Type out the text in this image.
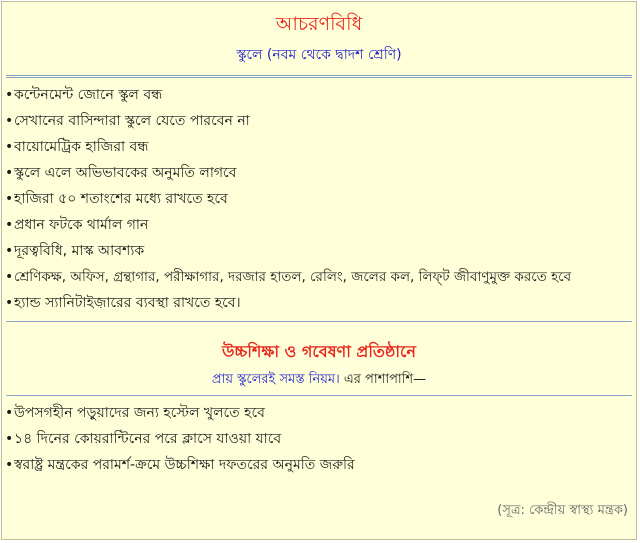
আচরণবিধি
স্কুলে (নবম থেকে দ্বাদশ শ্রেণি)
•কন্টেনমেন্ট জোনে স্কুল বন্ধ
•সেখানের বাসিন্দারা স্কুলে যেতে পারবেন না
•বায়োমেট্রিক হাজিরা বন্ধ
•স্কুলে এলে অভিভাবকের অনুমতি লাগবে
•হাজিরা ৫০ শতাংশের মধ্যে রাখতে হবে
•প্রধান ফটকে থার্মাল গান
•দূরত্ববিধি, মাস্ক আবশ্যক
•শ্রেণিকক্ষ, অফিস, গ্রন্থাগার, পরীক্ষাগার, দরজার হাতল, রেলিং, জলের কল, লিফ্‌ট জীবাণুমুক্ত করতে হবে
•হ্যান্ড স্যানিটাইজ়ারের ব্যবস্থা রাখতে হবে।
উচ্চশিক্ষা ও গবেষণা প্রতিষ্ঠানে
প্রায় স্কুলেরই সমস্ত নিয়ম। এর পাশাপাশি—
•উপসগহীন পড়ুয়াদের জন্য হস্টেল খুলতে হবে
•১৪ দিনের কোয়রান্টিনের পরে ক্লাসে যাওয়া যাবে
•স্বরাষ্ট্র মন্ত্রকের পরামর্শ-ক্রমে উচ্চশিক্ষা দফতরের অনুমতি জরুরি
(সূত্র: কেন্দ্রীয় স্বাস্থ্য মন্ত্রক)
